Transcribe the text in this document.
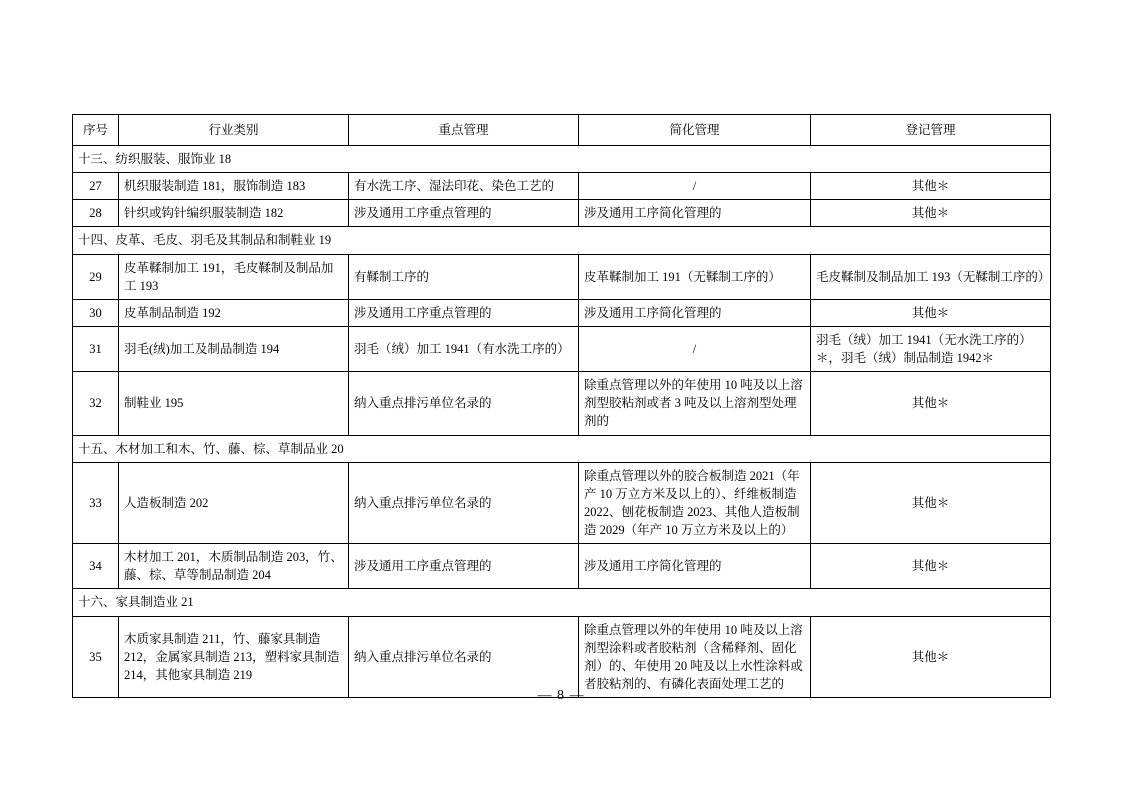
序号	行业类别	重点管理	简化管理	登记管理
十三、纺织服装、服饰业 18				
27	机织服装制造 181，服饰制造 183	有水洗工序、湿法印花、染色工艺的	/	其他＊
28	针织或钩针编织服装制造 182	涉及通用工序重点管理的	涉及通用工序简化管理的	其他＊
十四、皮革、毛皮、羽毛及其制品和制鞋业 19				
29	皮革鞣制加工 191，毛皮鞣制及制品加工 193	有鞣制工序的	皮革鞣制加工 191（无鞣制工序的）	毛皮鞣制及制品加工 193（无鞣制工序的）
30	皮革制品制造 192	涉及通用工序重点管理的	涉及通用工序简化管理的	其他＊
31	羽毛(绒)加工及制品制造 194	羽毛（绒）加工 1941（有水洗工序的）	/	羽毛（绒）加工 1941（无水洗工序的）＊，羽毛（绒）制品制造 1942＊
32	制鞋业 195	纳入重点排污单位名录的	除重点管理以外的年使用 10 吨及以上溶剂型胶粘剂或者 3 吨及以上溶剂型处理剂的	其他＊
十五、木材加工和木、竹、藤、棕、草制品业 20				
33	人造板制造 202	纳入重点排污单位名录的	除重点管理以外的胶合板制造 2021（年产 10 万立方米及以上的）、纤维板制造 2022、刨花板制造 2023、其他人造板制造 2029（年产 10 万立方米及以上的）	其他＊
34	木材加工 201，木质制品制造 203，竹、藤、棕、草等制品制造 204	涉及通用工序重点管理的	涉及通用工序简化管理的	其他＊
十六、家具制造业 21				
35	木质家具制造 211，竹、藤家具制造 212，金属家具制造 213，塑料家具制造 214，其他家具制造 219	纳入重点排污单位名录的	除重点管理以外的年使用 10 吨及以上溶剂型涂料或者胶粘剂（含稀释剂、固化剂）的、年使用 20 吨及以上水性涂料或者胶粘剂的、有磷化表面处理工艺的	其他＊
— 8 —
